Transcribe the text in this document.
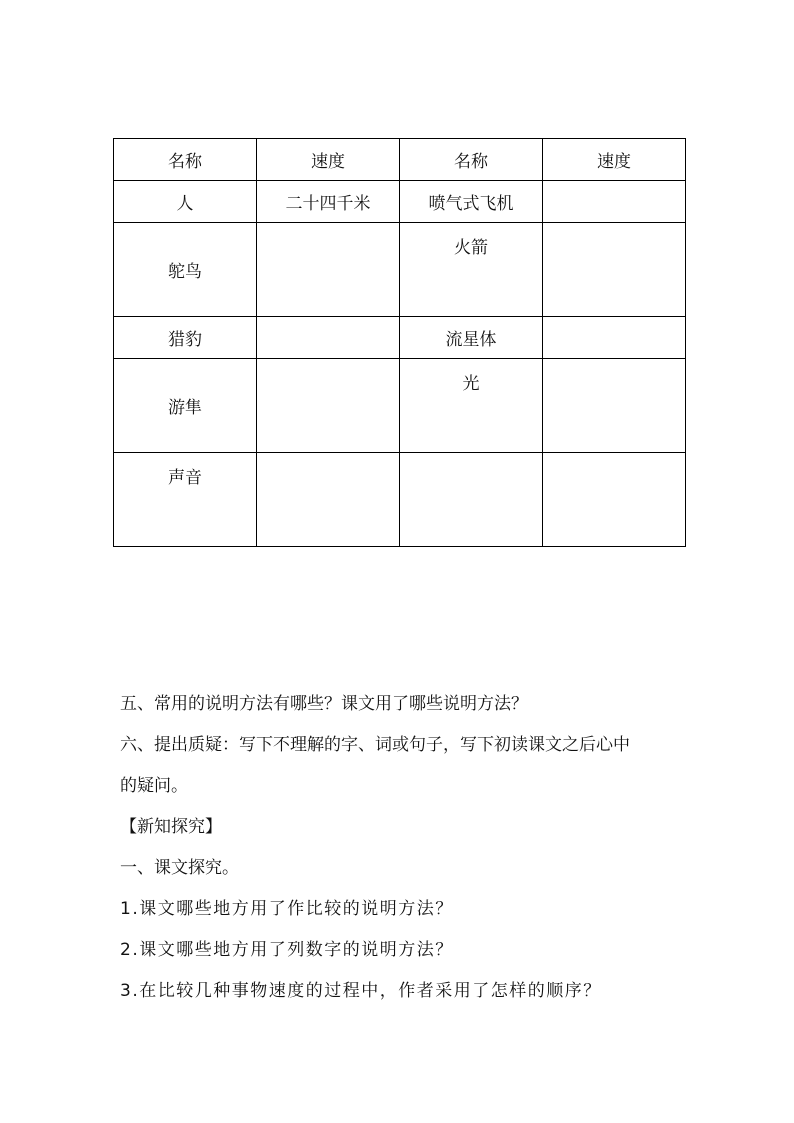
名称	速度	名称	速度
人	二十四千米	喷气式飞机	
鸵鸟		火箭	
猎豹		流星体	
游隼		光	
声音			

五、常用的说明方法有哪些？课文用了哪些说明方法？

六、提出质疑：写下不理解的字、词或句子，写下初读课文之后心中

的疑问。

【新知探究】

一、课文探究。

1.课文哪些地方用了作比较的说明方法？

2.课文哪些地方用了列数字的说明方法？

3.在比较几种事物速度的过程中，作者采用了怎样的顺序？
